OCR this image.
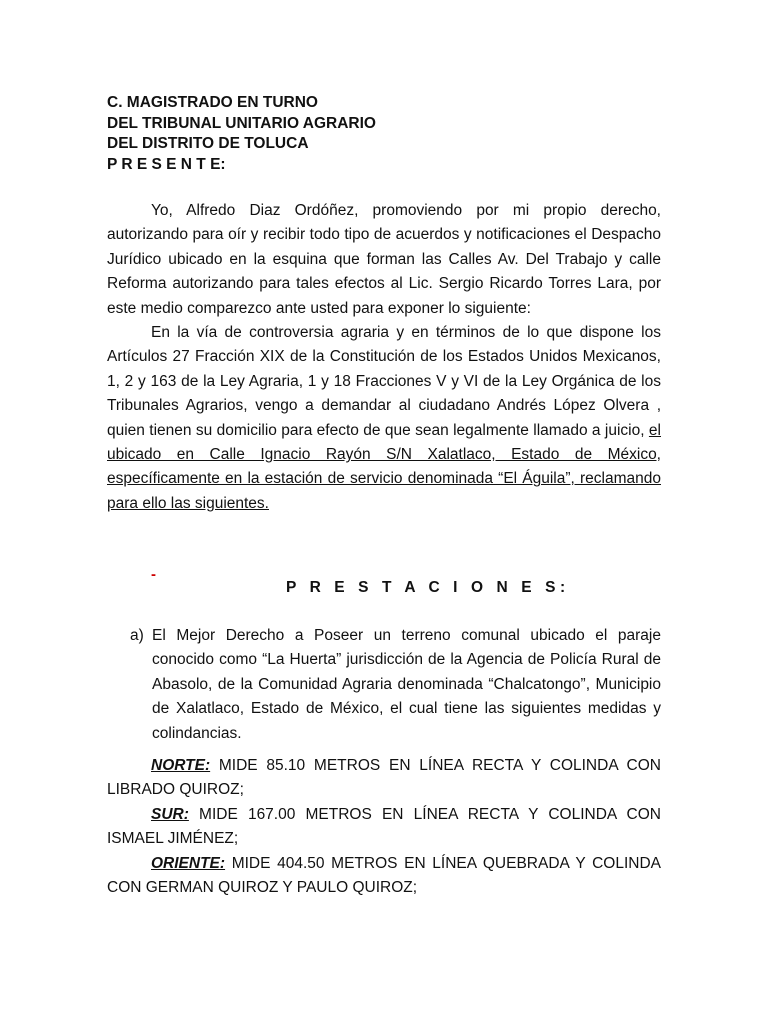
C. MAGISTRADO EN TURNO
DEL TRIBUNAL UNITARIO AGRARIO
DEL DISTRITO DE TOLUCA
P R E S E N T E:

Yo, Alfredo Diaz Ordóñez, promoviendo por mi propio derecho, autorizando para oír y recibir todo tipo de acuerdos y notificaciones el Despacho Jurídico ubicado en la esquina que forman las Calles Av. Del Trabajo y calle Reforma autorizando para tales efectos al Lic. Sergio Ricardo Torres Lara, por este medio comparezco ante usted para exponer lo siguiente:

En la vía de controversia agraria y en términos de lo que dispone los Artículos 27 Fracción XIX de la Constitución de los Estados Unidos Mexicanos, 1, 2 y 163 de la Ley Agraria, 1 y 18 Fracciones V y VI de la Ley Orgánica de los Tribunales Agrarios, vengo a demandar al ciudadano Andrés López Olvera , quien tienen su domicilio para efecto de que sean legalmente llamado a juicio, el ubicado en Calle Ignacio Rayón S/N Xalatlaco, Estado de México, específicamente en la estación de servicio denominada “El Águila”, reclamando para ello las siguientes.

-
P R E S T A C I O N E S:
a) El Mejor Derecho a Poseer un terreno comunal ubicado el paraje conocido como “La Huerta” jurisdicción de la Agencia de Policía Rural de Abasolo, de la Comunidad Agraria denominada “Chalcatongo”, Municipio de Xalatlaco, Estado de México, el cual tiene las siguientes medidas y colindancias.

NORTE: MIDE 85.10 METROS EN LÍNEA RECTA Y COLINDA CON LIBRADO QUIROZ;

SUR: MIDE 167.00 METROS EN LÍNEA RECTA Y COLINDA CON ISMAEL JIMÉNEZ;

ORIENTE: MIDE 404.50 METROS EN LÍNEA QUEBRADA Y COLINDA CON GERMAN QUIROZ Y PAULO QUIROZ;
